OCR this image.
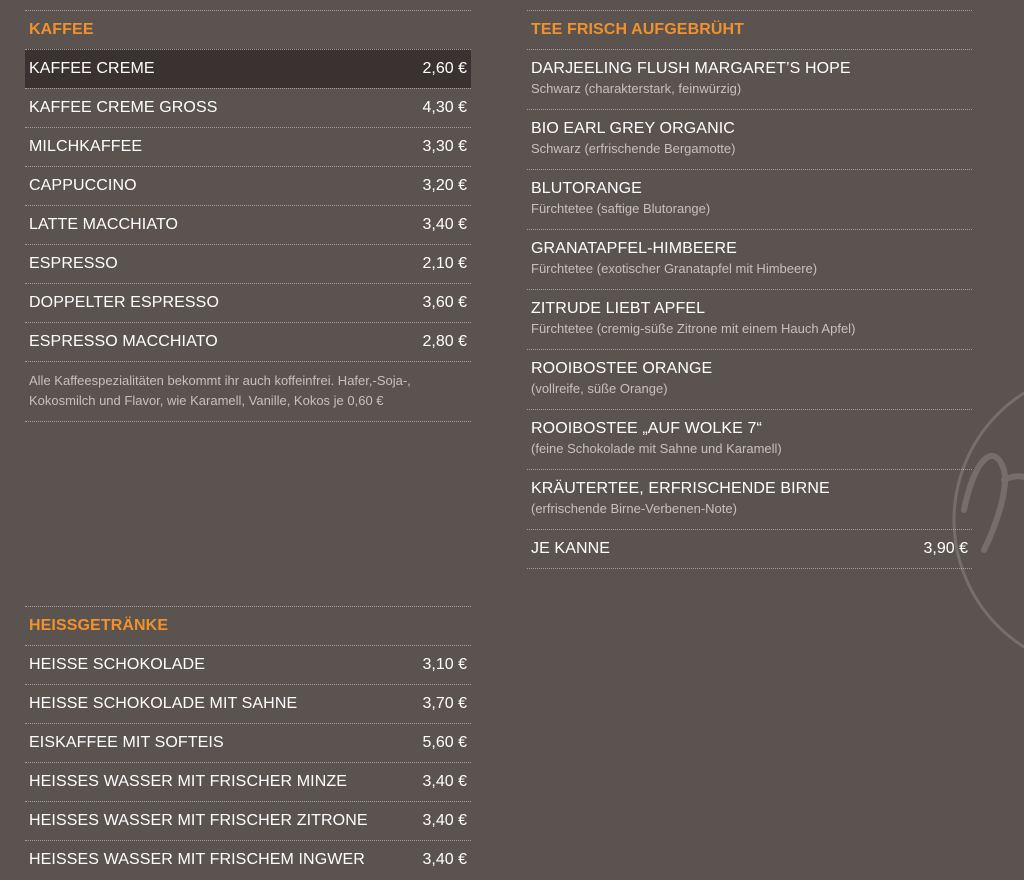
KAFFEE
KAFFEE CREME	2,60 €
KAFFEE CREME GROSS	4,30 €
MILCHKAFFEE	3,30 €
CAPPUCCINO	3,20 €
LATTE MACCHIATO	3,40 €
ESPRESSO	2,10 €
DOPPELTER ESPRESSO	3,60 €
ESPRESSO MACCHIATO	2,80 €
Alle Kaffeespezialitäten bekommt ihr auch koffeinfrei. Hafer,-Soja-, Kokosmilch und Flavor, wie Karamell, Vanille, Kokos je 0,60 €
HEISSGETRÄNKE
HEISSE SCHOKOLADE	3,10 €
HEISSE SCHOKOLADE MIT SAHNE	3,70 €
EISKAFFEE MIT SOFTEIS	5,60 €
HEISSES WASSER MIT FRISCHER MINZE	3,40 €
HEISSES WASSER MIT FRISCHER ZITRONE	3,40 €
HEISSES WASSER MIT FRISCHEM INGWER	3,40 €
TEE FRISCH AUFGEBRÜHT
DARJEELING FLUSH MARGARET’S HOPE
Schwarz (charakterstark, feinwürzig)
BIO EARL GREY ORGANIC
Schwarz (erfrischende Bergamotte)
BLUTORANGE
Fürchtetee (saftige Blutorange)
GRANATAPFEL-HIMBEERE
Fürchtetee (exotischer Granatapfel mit Himbeere)
ZITRUDE LIEBT APFEL
Fürchtetee (cremig-süße Zitrone mit einem Hauch Apfel)
ROOIBOSTEE ORANGE
(vollreife, süße Orange)
ROOIBOSTEE „AUF WOLKE 7“
(feine Schokolade mit Sahne und Karamell)
KRÄUTERTEE, ERFRISCHENDE BIRNE
(erfrischende Birne-Verbenen-Note)
JE KANNE	3,90 €
